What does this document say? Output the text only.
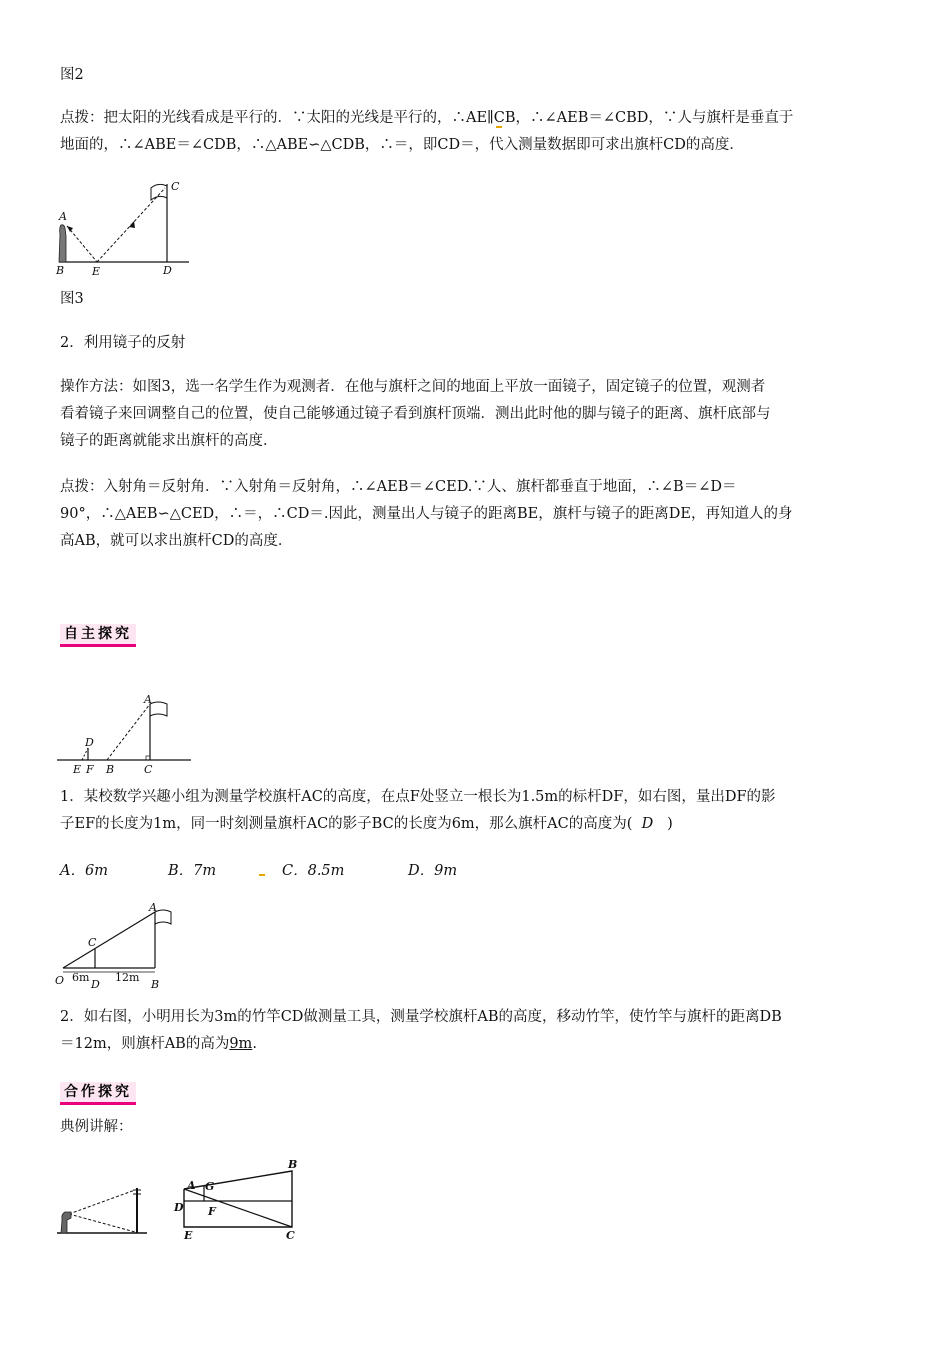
图2
点拨：把太阳的光线看成是平行的．∵太阳的光线是平行的，∴AE∥CB，∴∠AEB＝∠CBD，∵人与旗杆是垂直于
地面的，∴∠ABE＝∠CDB，∴△ABE∽△CDB，∴＝，即CD＝，代入测量数据即可求出旗杆CD的高度．
A
B	E	D
C
图3
2．利用镜子的反射
操作方法：如图3，选一名学生作为观测者．在他与旗杆之间的地面上平放一面镜子，固定镜子的位置，观测者
看着镜子来回调整自己的位置，使自己能够通过镜子看到旗杆顶端．测出此时他的脚与镜子的距离、旗杆底部与
镜子的距离就能求出旗杆的高度．
点拨：入射角＝反射角．∵入射角＝反射角，∴∠AEB＝∠CED.∵人、旗杆都垂直于地面，∴∠B＝∠D＝
90°，∴△AEB∽△CED，∴＝，∴CD＝.因此，测量出人与镜子的距离BE，旗杆与镜子的距离DE，再知道人的身
高AB，就可以求出旗杆CD的高度．
自主探究
A
D
E F B	C
1．某校数学兴趣小组为测量学校旗杆AC的高度，在点F处竖立一根长为1.5m的标杆DF，如右图，量出DF的影
子EF的长度为1m，同一时刻测量旗杆AC的影子BC的长度为6m，那么旗杆AC的高度为( D )
A．6m	B．7m	C．8.5m	D．9m
A
C
O D	B
6m 12m
2．如右图，小明用长为3m的竹竿CD做测量工具，测量学校旗杆AB的高度，移动竹竿，使竹竿与旗杆的距离DB
＝12m，则旗杆AB的高为9m.
合作探究
典例讲解：
B
A G
D F
E	C
